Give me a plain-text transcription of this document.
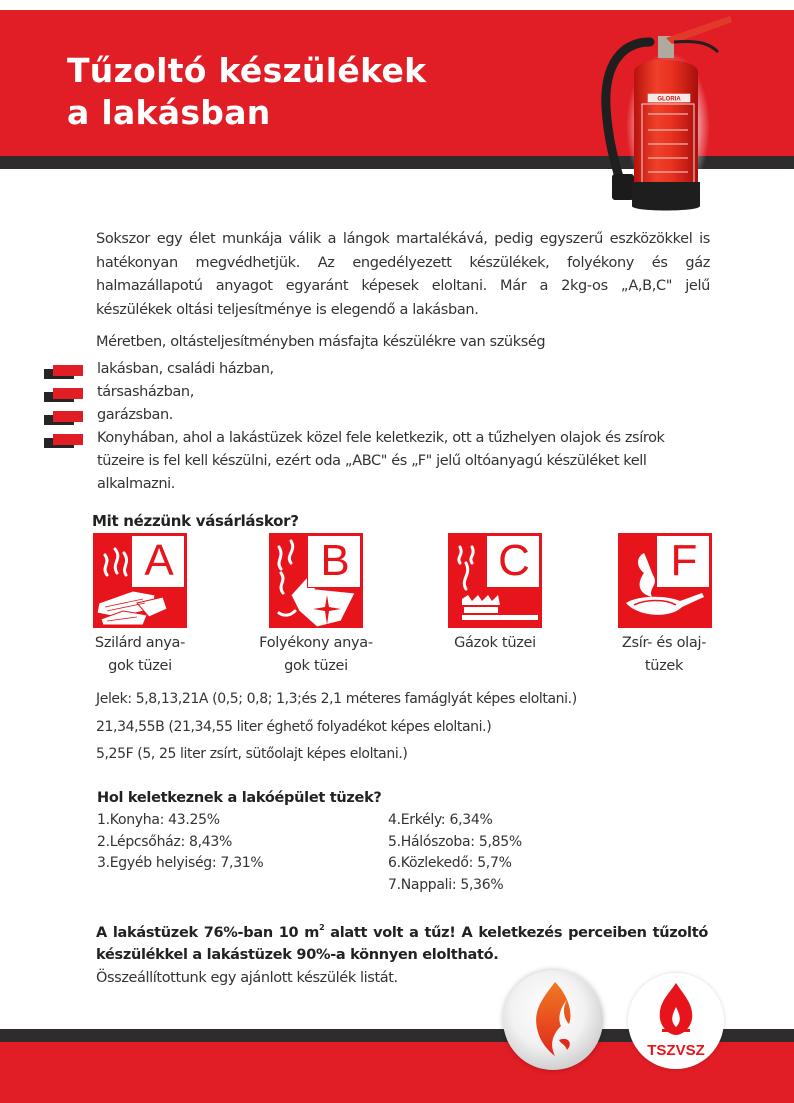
Tűzoltó készülékek
a lakásban	GLORIA
Sokszor egy élet munkája válik a lángok martalékává, pedig egyszerű eszközökkel is hatékonyan megvédhetjük. Az engedélyezett készülékek, folyékony és gáz halmazállapotú anyagot egyaránt képesek eloltani. Már a 2kg-os „A,B,C" jelű készülékek oltási teljesítménye is elegendő a lakásban.
Méretben, oltásteljesítményben másfajta készülékre van szükség
lakásban, családi házban,
társasházban,
garázsban.
Konyhában, ahol a lakástüzek közel fele keletkezik, ott a tűzhelyen olajok és zsírok tüzeire is fel kell készülni, ezért oda „ABC" és „F" jelű oltóanyagú készüléket kell alkalmazni.
Mit nézzünk vásárláskor?
A
Szilárd anya-
gok tüzei
B
Folyékony anya-
gok tüzei
C
Gázok tüzei
F
Zsír- és olaj-
tüzek
Jelek: 5,8,13,21A (0,5; 0,8; 1,3;és 2,1 méteres famáglyát képes eloltani.)
21,34,55B (21,34,55 liter éghető folyadékot képes eloltani.)
5,25F (5, 25 liter zsírt, sütőolajt képes eloltani.)
Hol keletkeznek a lakóépület tüzek?
1.Konyha: 43.25%
2.Lépcsőház: 8,43%
3.Egyéb helyiség: 7,31%
4.Erkély: 6,34%
5.Hálószoba: 5,85%
6.Közlekedő: 5,7%
7.Nappali: 5,36%
A lakástüzek 76%-ban 10 $m^2$ alatt volt a tűz! A keletkezés perceiben tűzoltó készülékkel a lakástüzek 90%-a könnyen eloltható.
Összeállítottunk egy ajánlott készülék listát.
TSZVSZ
